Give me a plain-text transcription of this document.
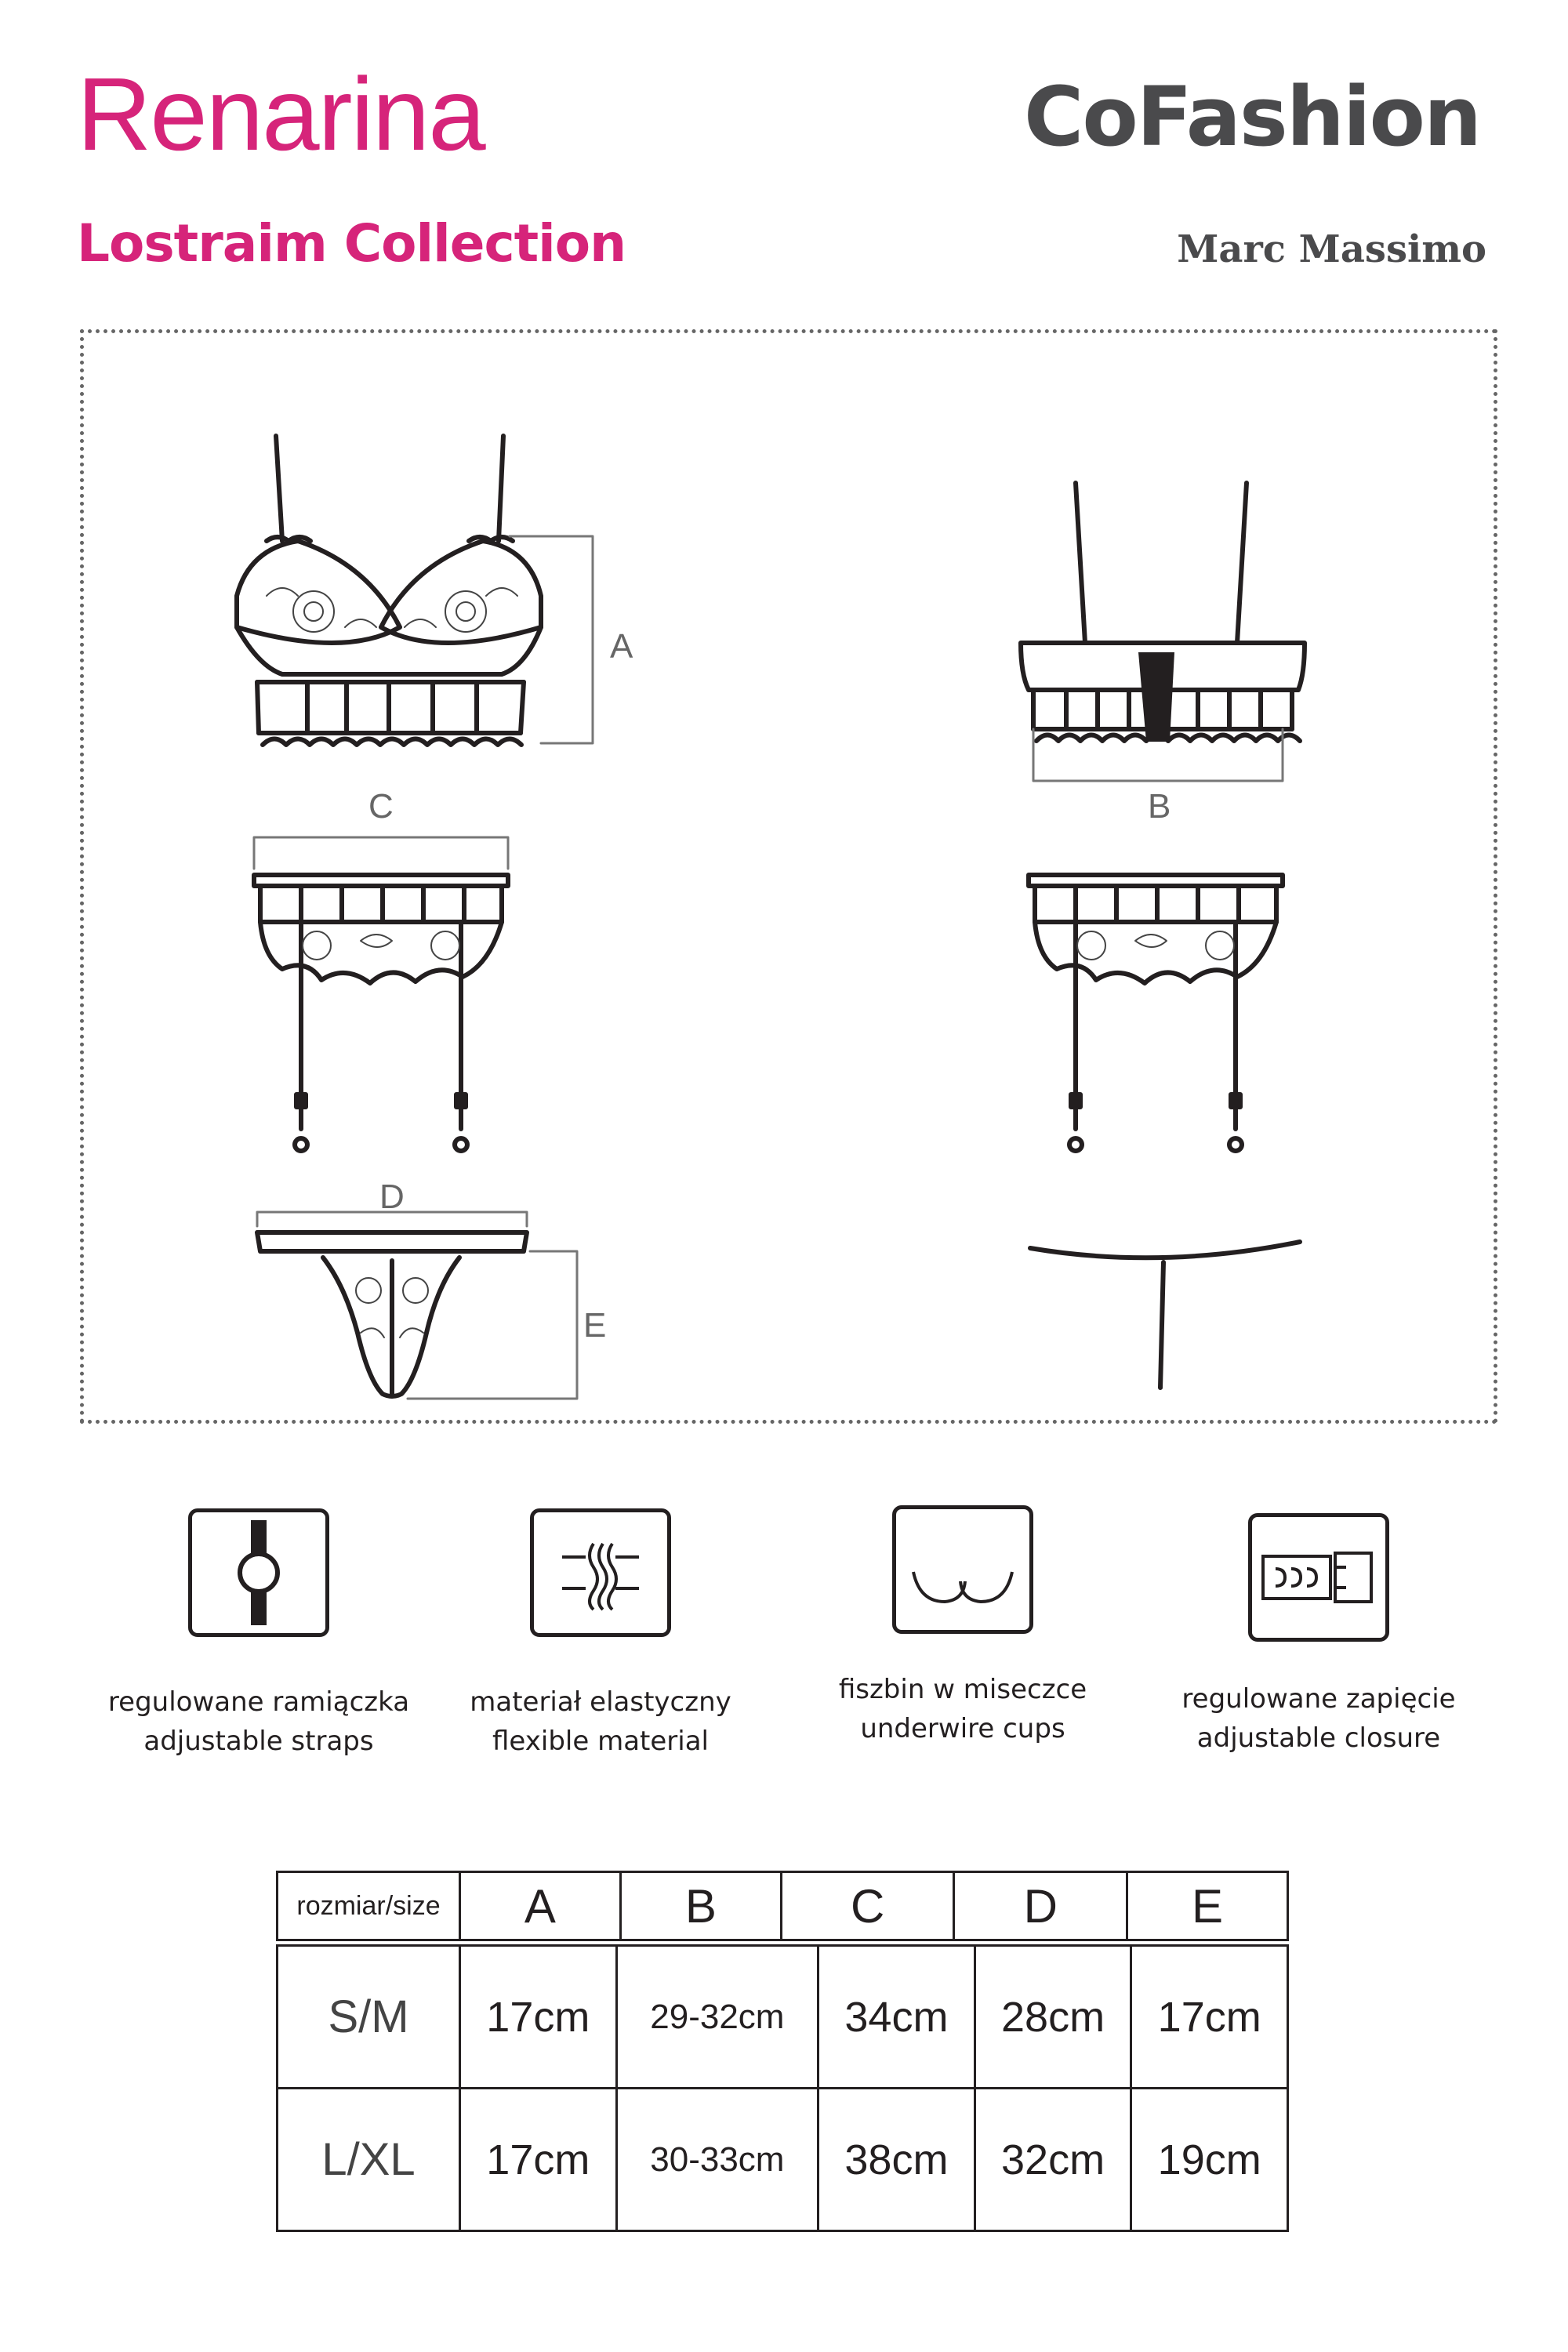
Renarina
Lostraim Collection
CoFashion
Marc Massimo
A
B
C
D
E
regulowane ramiączka
adjustable straps
materiał elastyczny
flexible material
fiszbin w miseczce
underwire cups
regulowane zapięcie
adjustable closure
rozmiar/size	A	B	C	D	E
S/M	17cm	29-32cm	34cm	28cm	17cm
L/XL	17cm	30-33cm	38cm	32cm	19cm
